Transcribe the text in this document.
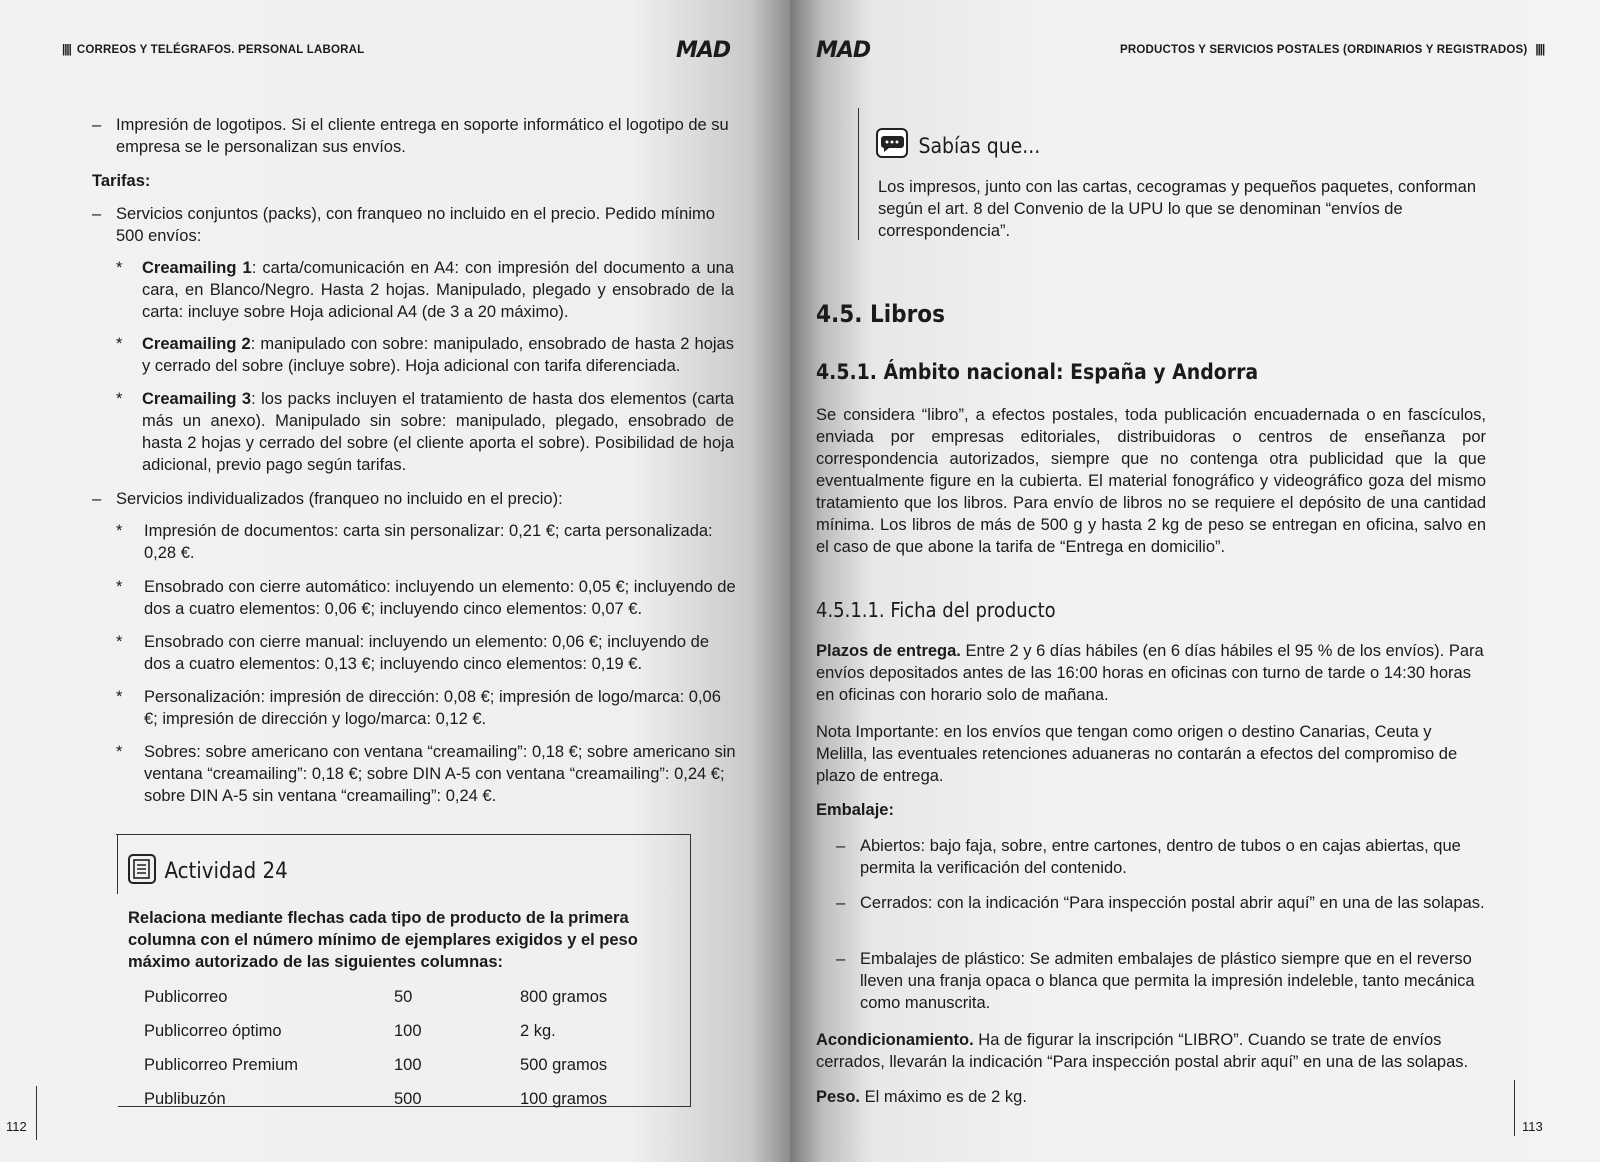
|||| CORREOS Y TELÉGRAFOS. PERSONAL LABORAL	MAD
– Impresión de logotipos. Si el cliente entrega en soporte informático el logotipo de su empresa se le personalizan sus envíos.
Tarifas:
– Servicios conjuntos (packs), con franqueo no incluido en el precio. Pedido mínimo 500 envíos:
* Creamailing 1: carta/comunicación en A4: con impresión del documento a una cara, en Blanco/Negro. Hasta 2 hojas. Manipulado, plegado y ensobrado de la carta: incluye sobre Hoja adicional A4 (de 3 a 20 máximo).
* Creamailing 2: manipulado con sobre: manipulado, ensobrado de hasta 2 hojas y cerrado del sobre (incluye sobre). Hoja adicional con tarifa diferenciada.
* Creamailing 3: los packs incluyen el tratamiento de hasta dos elementos (carta más un anexo). Manipulado sin sobre: manipulado, plegado, ensobrado de hasta 2 hojas y cerrado del sobre (el cliente aporta el sobre). Posibilidad de hoja adicional, previo pago según tarifas.
– Servicios individualizados (franqueo no incluido en el precio):
* Impresión de documentos: carta sin personalizar: 0,21 €; carta personalizada: 0,28 €.
* Ensobrado con cierre automático: incluyendo un elemento: 0,05 €; incluyendo de dos a cuatro elementos: 0,06 €; incluyendo cinco elementos: 0,07 €.
* Ensobrado con cierre manual: incluyendo un elemento: 0,06 €; incluyendo de dos a cuatro elementos: 0,13 €; incluyendo cinco elementos: 0,19 €.
* Personalización: impresión de dirección: 0,08 €; impresión de logo/marca: 0,06 €; impresión de dirección y logo/marca: 0,12 €.
* Sobres: sobre americano con ventana “creamailing”: 0,18 €; sobre americano sin ventana “creamailing”: 0,18 €; sobre DIN A-5 con ventana “creamailing”: 0,24 €; sobre DIN A-5 sin ventana “creamailing”: 0,24 €.
Actividad 24
Relaciona mediante flechas cada tipo de producto de la primera columna con el número mínimo de ejemplares exigidos y el peso máximo autorizado de las siguientes columnas:
Publicorreo	50	800 gramos
Publicorreo óptimo	100	2 kg.
Publicorreo Premium	100	500 gramos
Publibuzón	500	100 gramos
112
MAD	PRODUCTOS Y SERVICIOS POSTALES (ORDINARIOS Y REGISTRADOS) ||||
Sabías que...
Los impresos, junto con las cartas, cecogramas y pequeños paquetes, conforman según el art. 8 del Convenio de la UPU lo que se denominan “envíos de correspondencia”.
4.5. Libros
4.5.1. Ámbito nacional: España y Andorra
Se considera “libro”, a efectos postales, toda publicación encuadernada o en fascículos, enviada por empresas editoriales, distribuidoras o centros de enseñanza por correspondencia autorizados, siempre que no contenga otra publicidad que la que eventualmente figure en la cubierta. El material fonográfico y videográfico goza del mismo tratamiento que los libros. Para envío de libros no se requiere el depósito de una cantidad mínima. Los libros de más de 500 g y hasta 2 kg de peso se entregan en oficina, salvo en el caso de que abone la tarifa de “Entrega en domicilio”.
4.5.1.1. Ficha del producto
Plazos de entrega. Entre 2 y 6 días hábiles (en 6 días hábiles el 95 % de los envíos). Para envíos depositados antes de las 16:00 horas en oficinas con turno de tarde o 14:30 horas en oficinas con horario solo de mañana.
Nota Importante: en los envíos que tengan como origen o destino Canarias, Ceuta y Melilla, las eventuales retenciones aduaneras no contarán a efectos del compromiso de plazo de entrega.
Embalaje:
– Abiertos: bajo faja, sobre, entre cartones, dentro de tubos o en cajas abiertas, que permita la verificación del contenido.
– Cerrados: con la indicación “Para inspección postal abrir aquí” en una de las solapas.
– Embalajes de plástico: Se admiten embalajes de plástico siempre que en el reverso lleven una franja opaca o blanca que permita la impresión indeleble, tanto mecánica como manuscrita.
Acondicionamiento. Ha de figurar la inscripción “LIBRO”. Cuando se trate de envíos cerrados, llevarán la indicación “Para inspección postal abrir aquí” en una de las solapas.
Peso. El máximo es de 2 kg.
113
